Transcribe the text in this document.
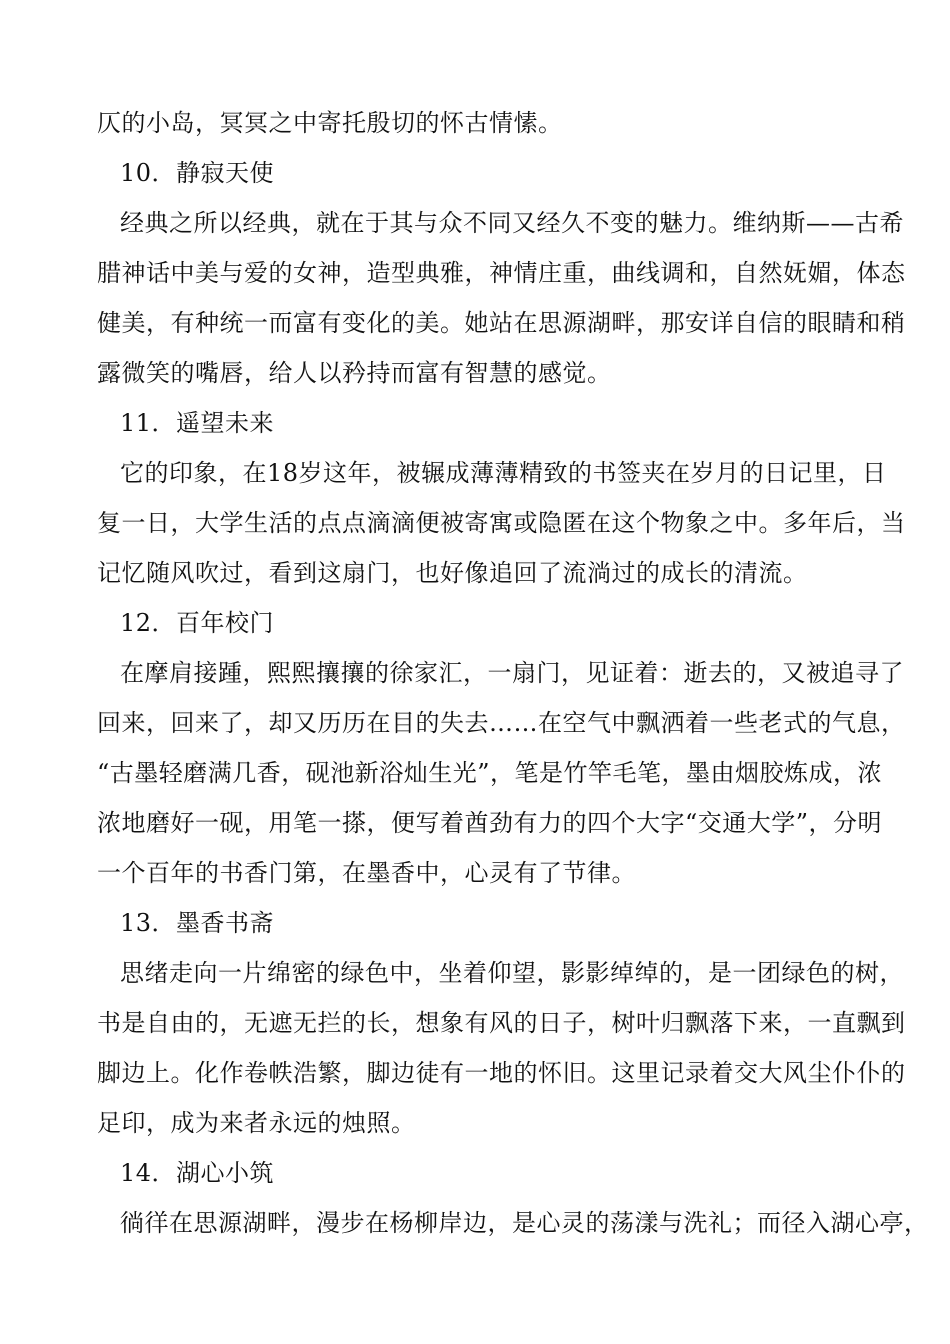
仄的小岛，冥冥之中寄托殷切的怀古情愫。
10．静寂天使
经典之所以经典，就在于其与众不同又经久不变的魅力。维纳斯——古希
腊神话中美与爱的女神，造型典雅，神情庄重，曲线调和，自然妩媚，体态
健美，有种统一而富有变化的美。她站在思源湖畔，那安详自信的眼睛和稍
露微笑的嘴唇，给人以矜持而富有智慧的感觉。
11．遥望未来
它的印象，在18岁这年，被辗成薄薄精致的书签夹在岁月的日记里，日
复一日，大学生活的点点滴滴便被寄寓或隐匿在这个物象之中。多年后，当
记忆随风吹过，看到这扇门，也好像追回了流淌过的成长的清流。
12．百年校门
在摩肩接踵，熙熙攘攘的徐家汇，一扇门，见证着：逝去的，又被追寻了
回来，回来了，却又历历在目的失去……在空气中飘洒着一些老式的气息，
“古墨轻磨满几香，砚池新浴灿生光”，笔是竹竿毛笔，墨由烟胶炼成，浓
浓地磨好一砚，用笔一搽，便写着酋劲有力的四个大字“交通大学”，分明
一个百年的书香门第，在墨香中，心灵有了节律。
13．墨香书斋
思绪走向一片绵密的绿色中，坐着仰望，影影绰绰的，是一团绿色的树，
书是自由的，无遮无拦的长，想象有风的日子，树叶归飘落下来，一直飘到
脚边上。化作卷帙浩繁，脚边徒有一地的怀旧。这里记录着交大风尘仆仆的
足印，成为来者永远的烛照。
14．湖心小筑
徜徉在思源湖畔，漫步在杨柳岸边，是心灵的荡漾与洗礼；而径入湖心亭，
